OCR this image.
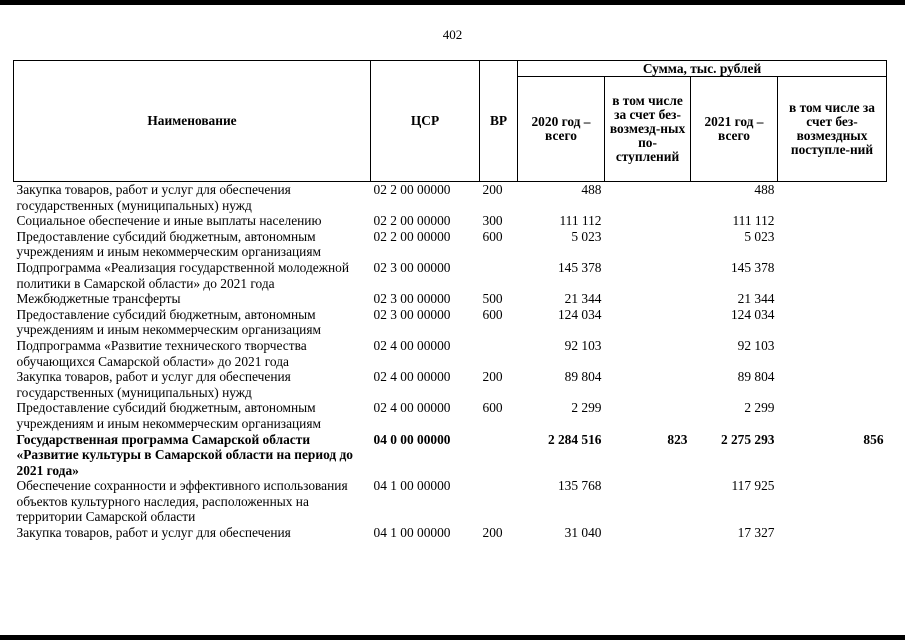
402
Наименование	ЦСР	ВР	Сумма, тыс. рублей			
			2020 год – всего	в том числе за счет без-возмезд-ных по-ступлений	2021 год – всего	в том числе за счет без-возмездных поступле-ний
Закупка товаров, работ и услуг для обеспечения государственных (муниципальных) нужд	02 2 00 00000	200	488		488	
Социальное обеспечение и иные выплаты населению	02 2 00 00000	300	111 112		111 112	
Предоставление субсидий бюджетным, автономным учреждениям и иным некоммерческим организациям	02 2 00 00000	600	5 023		5 023	
Подпрограмма «Реализация государственной молодежной политики в Самарской области» до 2021 года	02 3 00 00000		145 378		145 378	
Межбюджетные трансферты	02 3 00 00000	500	21 344		21 344	
Предоставление субсидий бюджетным, автономным учреждениям и иным некоммерческим организациям	02 3 00 00000	600	124 034		124 034	
Подпрограмма «Развитие технического творчества обучающихся Самарской области» до 2021 года	02 4 00 00000		92 103		92 103	
Закупка товаров, работ и услуг для обеспечения государственных (муниципальных) нужд	02 4 00 00000	200	89 804		89 804	
Предоставление субсидий бюджетным, автономным учреждениям и иным некоммерческим организациям	02 4 00 00000	600	2 299		2 299	
Государственная программа Самарской области «Развитие культуры в Самарской области на период до 2021 года»	04 0 00 00000		2 284 516	823	2 275 293	856
Обеспечение сохранности и эффективного использования объектов культурного наследия, расположенных на территории Самарской области	04 1 00 00000		135 768		117 925	
Закупка товаров, работ и услуг для обеспечения	04 1 00 00000	200	31 040		17 327	
